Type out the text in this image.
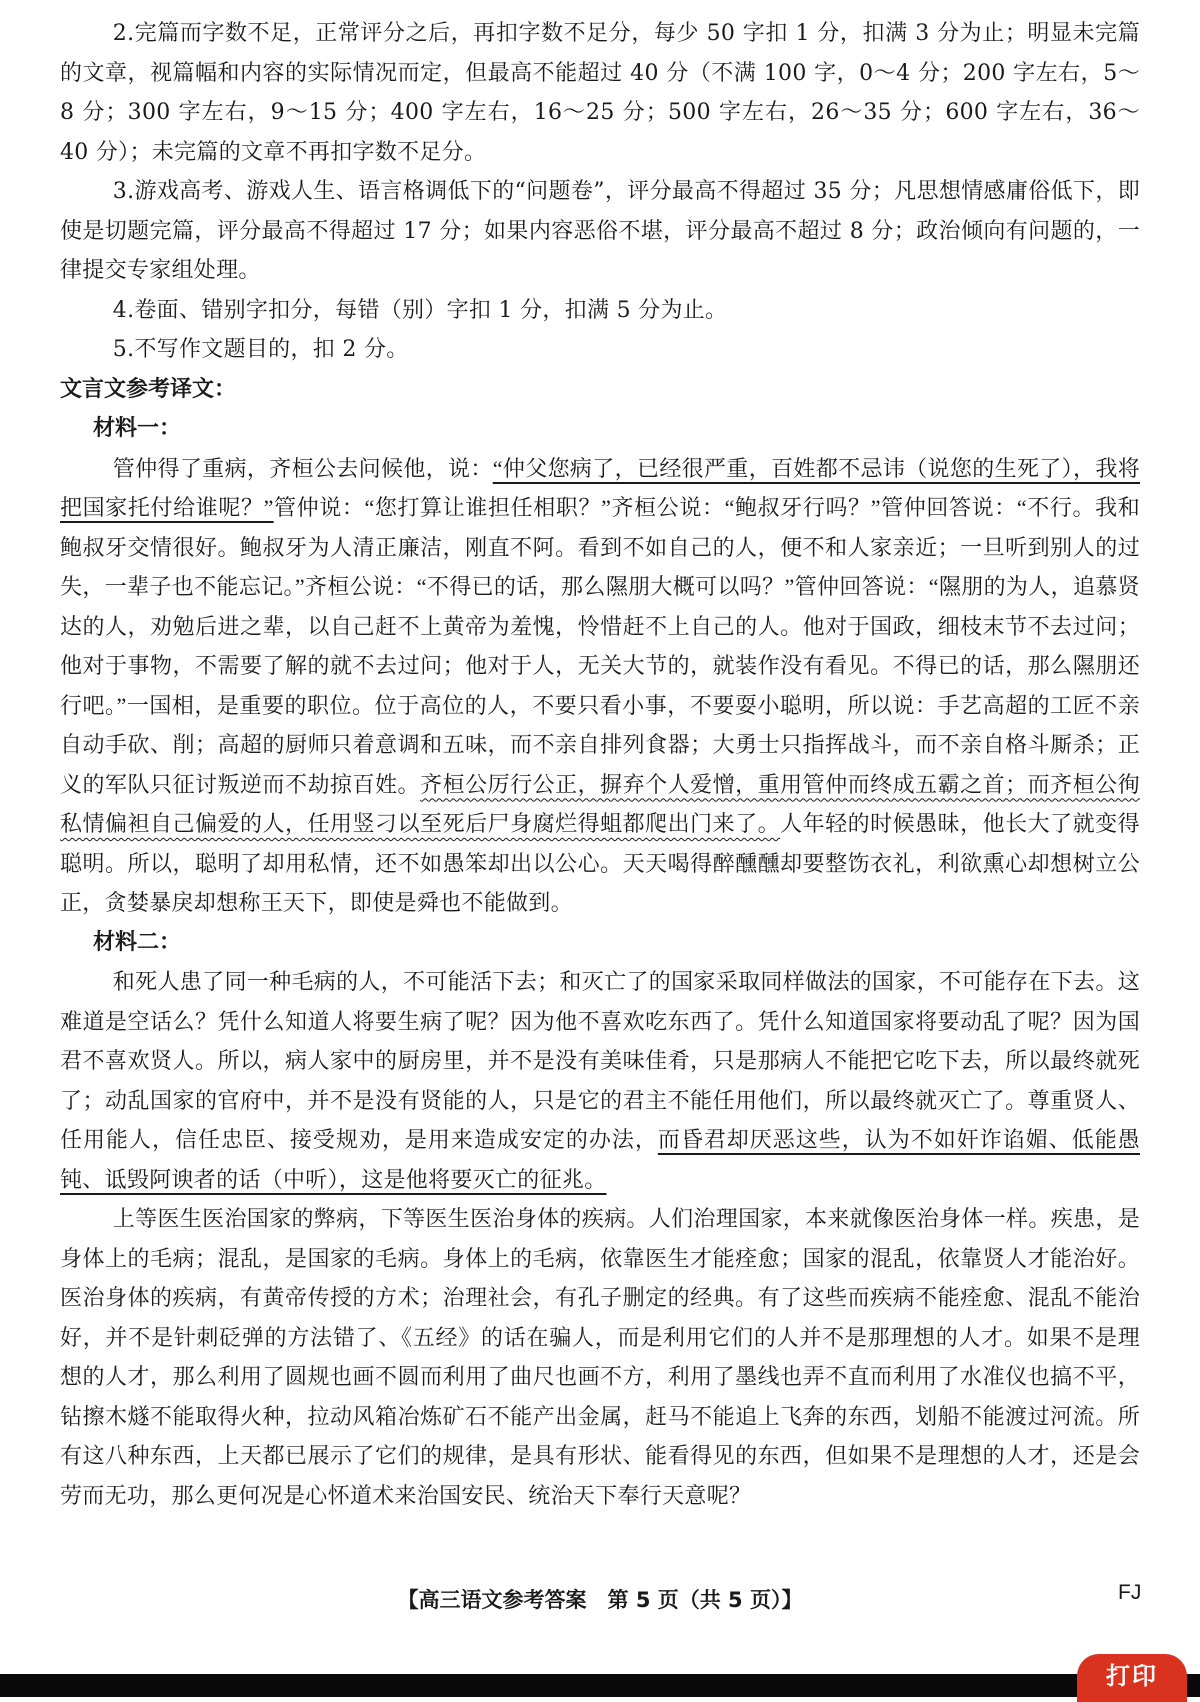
2.完篇而字数不足，正常评分之后，再扣字数不足分，每少 50 字扣 1 分，扣满 3 分为止；明显未完篇的文章，视篇幅和内容的实际情况而定，但最高不能超过 40 分（不满 100 字，0～4 分；200 字左右，5～8 分；300 字左右，9～15 分；400 字左右，16～25 分；500 字左右，26～35 分；600 字左右，36～40 分）；未完篇的文章不再扣字数不足分。

3.游戏高考、游戏人生、语言格调低下的“问题卷”，评分最高不得超过 35 分；凡思想情感庸俗低下，即使是切题完篇，评分最高不得超过 17 分；如果内容恶俗不堪，评分最高不超过 8 分；政治倾向有问题的，一律提交专家组处理。

4.卷面、错别字扣分，每错（别）字扣 1 分，扣满 5 分为止。

5.不写作文题目的，扣 2 分。

文言文参考译文：

材料一：

管仲得了重病，齐桓公去问候他，说：“仲父您病了，已经很严重，百姓都不忌讳（说您的生死了），我将把国家托付给谁呢？”管仲说：“您打算让谁担任相职？”齐桓公说：“鲍叔牙行吗？”管仲回答说：“不行。我和鲍叔牙交情很好。鲍叔牙为人清正廉洁，刚直不阿。看到不如自己的人，便不和人家亲近；一旦听到别人的过失，一辈子也不能忘记。”齐桓公说：“不得已的话，那么隰朋大概可以吗？”管仲回答说：“隰朋的为人，追慕贤达的人，劝勉后进之辈，以自己赶不上黄帝为羞愧，怜惜赶不上自己的人。他对于国政，细枝末节不去过问；他对于事物，不需要了解的就不去过问；他对于人，无关大节的，就装作没有看见。不得已的话，那么隰朋还行吧。”一国相，是重要的职位。位于高位的人，不要只看小事，不要耍小聪明，所以说：手艺高超的工匠不亲自动手砍、削；高超的厨师只着意调和五味，而不亲自排列食器；大勇士只指挥战斗，而不亲自格斗厮杀；正义的军队只征讨叛逆而不劫掠百姓。齐桓公厉行公正，摒弃个人爱憎，重用管仲而终成五霸之首；而齐桓公徇私情偏袒自己偏爱的人，任用竖刁以至死后尸身腐烂得蛆都爬出门来了。人年轻的时候愚昧，他长大了就变得聪明。所以，聪明了却用私情，还不如愚笨却出以公心。天天喝得醉醺醺却要整饬衣礼，利欲熏心却想树立公正，贪婪暴戾却想称王天下，即使是舜也不能做到。

材料二：

和死人患了同一种毛病的人，不可能活下去；和灭亡了的国家采取同样做法的国家，不可能存在下去。这难道是空话么？凭什么知道人将要生病了呢？因为他不喜欢吃东西了。凭什么知道国家将要动乱了呢？因为国君不喜欢贤人。所以，病人家中的厨房里，并不是没有美味佳肴，只是那病人不能把它吃下去，所以最终就死了；动乱国家的官府中，并不是没有贤能的人，只是它的君主不能任用他们，所以最终就灭亡了。尊重贤人、任用能人，信任忠臣、接受规劝，是用来造成安定的办法，而昏君却厌恶这些，认为不如奸诈谄媚、低能愚钝、诋毁阿谀者的话（中听），这是他将要灭亡的征兆。

上等医生医治国家的弊病，下等医生医治身体的疾病。人们治理国家，本来就像医治身体一样。疾患，是身体上的毛病；混乱，是国家的毛病。身体上的毛病，依靠医生才能痊愈；国家的混乱，依靠贤人才能治好。医治身体的疾病，有黄帝传授的方术；治理社会，有孔子删定的经典。有了这些而疾病不能痊愈、混乱不能治好，并不是针刺砭弹的方法错了、《五经》的话在骗人，而是利用它们的人并不是那理想的人才。如果不是理想的人才，那么利用了圆规也画不圆而利用了曲尺也画不方，利用了墨线也弄不直而利用了水准仪也搞不平，钻擦木燧不能取得火种，拉动风箱冶炼矿石不能产出金属，赶马不能追上飞奔的东西，划船不能渡过河流。所有这八种东西，上天都已展示了它们的规律，是具有形状、能看得见的东西，但如果不是理想的人才，还是会劳而无功，那么更何况是心怀道术来治国安民、统治天下奉行天意呢？

【高三语文参考答案　第 5 页（共 5 页）】	FJ
打印
